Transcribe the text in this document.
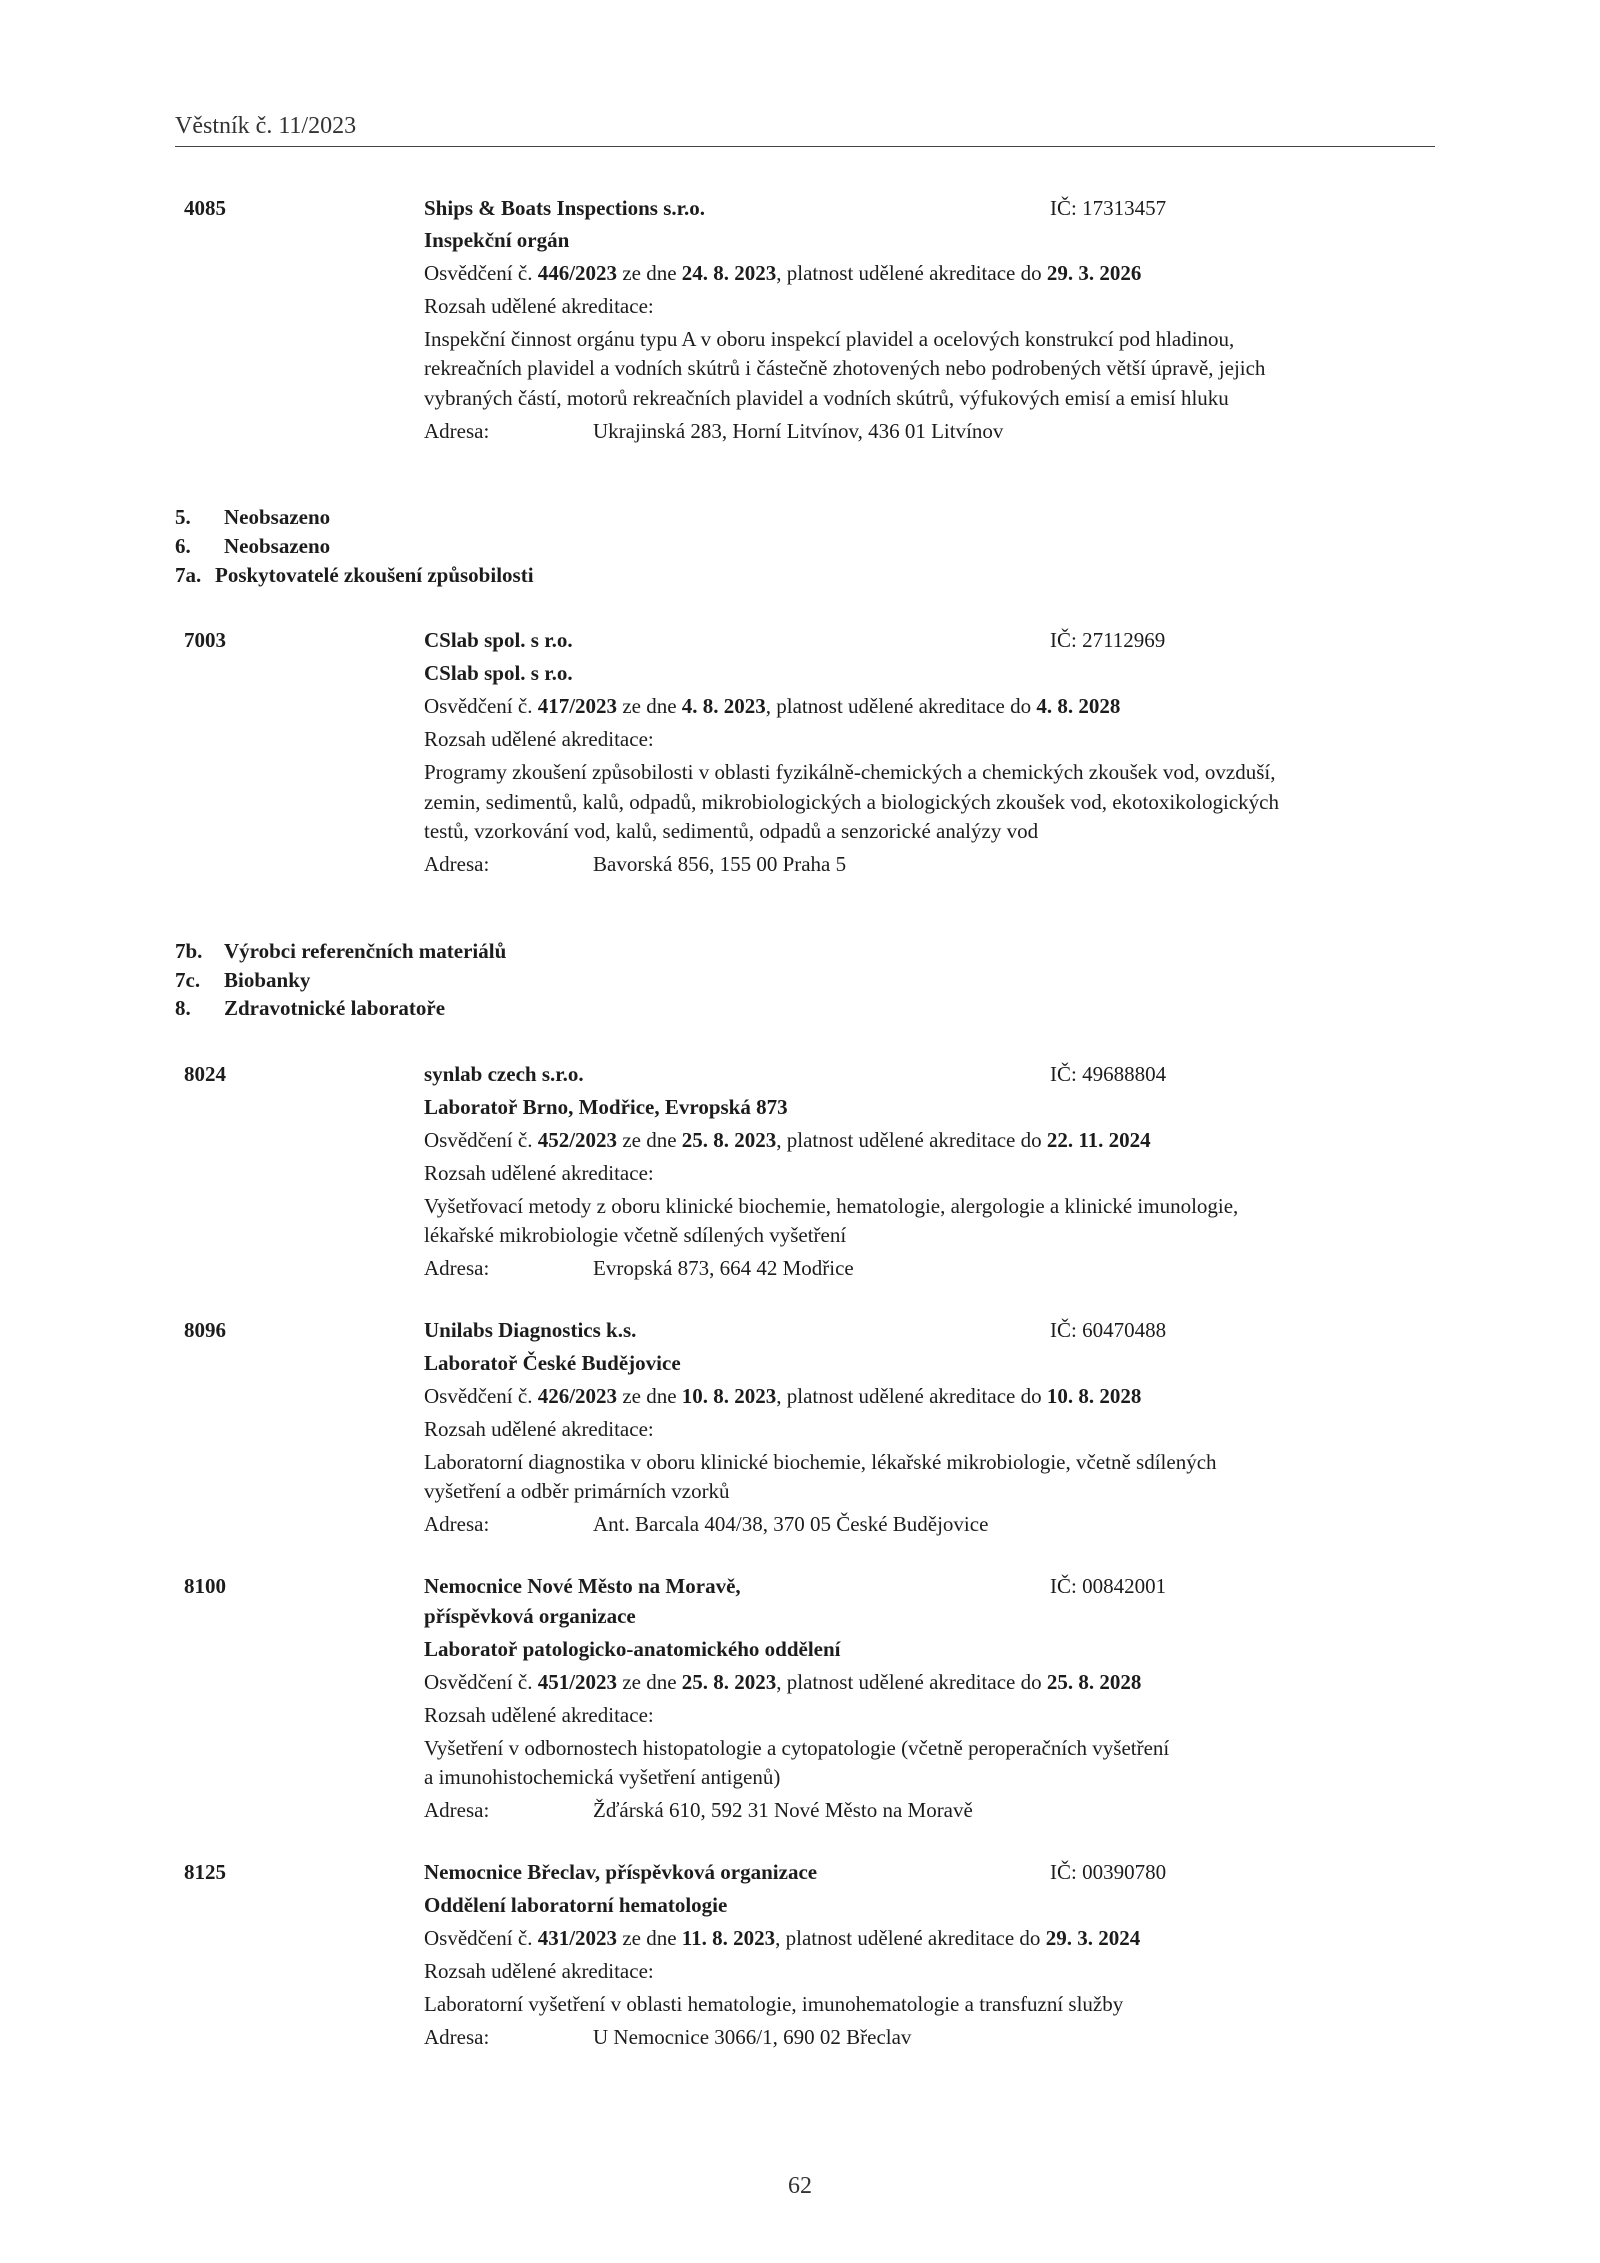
Věstník č. 11/2023
4085	Ships & Boats Inspections s.r.o.	IČ: 17313457
Inspekční orgán
Osvědčení č. 446/2023 ze dne 24. 8. 2023, platnost udělené akreditace do 29. 3. 2026
Rozsah udělené akreditace:
Inspekční činnost orgánu typu A v oboru inspekcí plavidel a ocelových konstrukcí pod hladinou,
rekreačních plavidel a vodních skútrů i částečně zhotovených nebo podrobených větší úpravě, jejich
vybraných částí, motorů rekreačních plavidel a vodních skútrů, výfukových emisí a emisí hluku
Adresa:	Ukrajinská 283, Horní Litvínov, 436 01 Litvínov
5. Neobsazeno
6. Neobsazeno
7a. Poskytovatelé zkoušení způsobilosti
7003	CSlab spol. s r.o.	IČ: 27112969
CSlab spol. s r.o.
Osvědčení č. 417/2023 ze dne 4. 8. 2023, platnost udělené akreditace do 4. 8. 2028
Rozsah udělené akreditace:
Programy zkoušení způsobilosti v oblasti fyzikálně-chemických a chemických zkoušek vod, ovzduší,
zemin, sedimentů, kalů, odpadů, mikrobiologických a biologických zkoušek vod, ekotoxikologických
testů, vzorkování vod, kalů, sedimentů, odpadů a senzorické analýzy vod
Adresa:	Bavorská 856, 155 00 Praha 5
7b. Výrobci referenčních materiálů
7c. Biobanky
8. Zdravotnické laboratoře
8024	synlab czech s.r.o.	IČ: 49688804
Laboratoř Brno, Modřice, Evropská 873
Osvědčení č. 452/2023 ze dne 25. 8. 2023, platnost udělené akreditace do 22. 11. 2024
Rozsah udělené akreditace:
Vyšetřovací metody z oboru klinické biochemie, hematologie, alergologie a klinické imunologie,
lékařské mikrobiologie včetně sdílených vyšetření
Adresa:	Evropská 873, 664 42 Modřice
8096	Unilabs Diagnostics k.s.	IČ: 60470488
Laboratoř České Budějovice
Osvědčení č. 426/2023 ze dne 10. 8. 2023, platnost udělené akreditace do 10. 8. 2028
Rozsah udělené akreditace:
Laboratorní diagnostika v oboru klinické biochemie, lékařské mikrobiologie, včetně sdílených
vyšetření a odběr primárních vzorků
Adresa:	Ant. Barcala 404/38, 370 05 České Budějovice
8100	Nemocnice Nové Město na Moravě,	IČ: 00842001
příspěvková organizace
Laboratoř patologicko-anatomického oddělení
Osvědčení č. 451/2023 ze dne 25. 8. 2023, platnost udělené akreditace do 25. 8. 2028
Rozsah udělené akreditace:
Vyšetření v odbornostech histopatologie a cytopatologie (včetně peroperačních vyšetření
a imunohistochemická vyšetření antigenů)
Adresa:	Žďárská 610, 592 31 Nové Město na Moravě
8125	Nemocnice Břeclav, příspěvková organizace	IČ: 00390780
Oddělení laboratorní hematologie
Osvědčení č. 431/2023 ze dne 11. 8. 2023, platnost udělené akreditace do 29. 3. 2024
Rozsah udělené akreditace:
Laboratorní vyšetření v oblasti hematologie, imunohematologie a transfuzní služby
Adresa:	U Nemocnice 3066/1, 690 02 Břeclav
62
